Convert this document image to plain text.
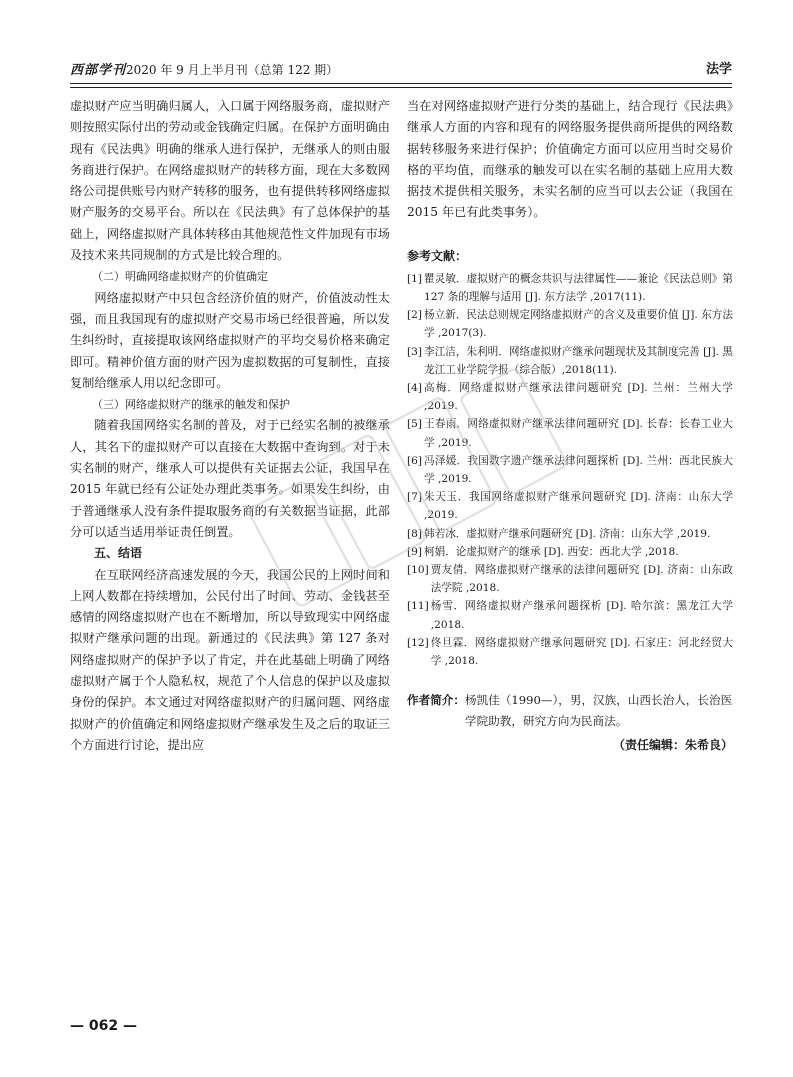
西部学刊2020 年 9 月上半月刊（总第 122 期）	法学

虚拟财产应当明确归属人，入口属于网络服务商，虚拟财产则按照实际付出的劳动或金钱确定归属。在保护方面明确由现有《民法典》明确的继承人进行保护，无继承人的则由服务商进行保护。在网络虚拟财产的转移方面，现在大多数网络公司提供账号内财产转移的服务，也有提供转移网络虚拟财产服务的交易平台。所以在《民法典》有了总体保护的基础上，网络虚拟财产具体转移由其他规范性文件加现有市场及技术来共同规制的方式是比较合理的。

（二）明确网络虚拟财产的价值确定

网络虚拟财产中只包含经济价值的财产，价值波动性太强，而且我国现有的虚拟财产交易市场已经很普遍，所以发生纠纷时，直接提取该网络虚拟财产的平均交易价格来确定即可。精神价值方面的财产因为虚拟数据的可复制性，直接复制给继承人用以纪念即可。

（三）网络虚拟财产的继承的触发和保护

随着我国网络实名制的普及，对于已经实名制的被继承人，其名下的虚拟财产可以直接在大数据中查询到。对于未实名制的财产，继承人可以提供有关证据去公证，我国早在 2015 年就已经有公证处办理此类事务。如果发生纠纷，由于普通继承人没有条件提取服务商的有关数据当证据，此部分可以适当适用举证责任倒置。

五、结语

在互联网经济高速发展的今天，我国公民的上网时间和上网人数都在持续增加，公民付出了时间、劳动、金钱甚至感情的网络虚拟财产也在不断增加，所以导致现实中网络虚拟财产继承问题的出现。新通过的《民法典》第 127 条对网络虚拟财产的保护予以了肯定，并在此基础上明确了网络虚拟财产属于个人隐私权，规范了个人信息的保护以及虚拟身份的保护。本文通过对网络虚拟财产的归属问题、网络虚拟财产的价值确定和网络虚拟财产继承发生及之后的取证三个方面进行讨论，提出应

当在对网络虚拟财产进行分类的基础上，结合现行《民法典》继承人方面的内容和现有的网络服务提供商所提供的网络数据转移服务来进行保护；价值确定方面可以应用当时交易价格的平均值，而继承的触发可以在实名制的基础上应用大数据技术提供相关服务，未实名制的应当可以去公证（我国在 2015 年已有此类事务）。

参考文献：
[1] 瞿灵敏．虚拟财产的概念共识与法律属性——兼论《民法总则》第 127 条的理解与适用 [J]. 东方法学 ,2017(11).
[2] 杨立新．民法总则规定网络虚拟财产的含义及重要价值 [J]. 东方法学 ,2017(3).
[3] 李江洁，朱利明．网络虚拟财产继承问题现状及其制度完善 [J]. 黑龙江工业学院学报（综合版）,2018(11).
[4] 高梅．网络虚拟财产继承法律问题研究 [D]. 兰州：兰州大学 ,2019.
[5] 王春雨．网络虚拟财产继承法律问题研究 [D]. 长春：长春工业大学 ,2019.
[6] 冯泽媛．我国数字遗产继承法律问题探析 [D]. 兰州：西北民族大学 ,2019.
[7] 朱天玉．我国网络虚拟财产继承问题研究 [D]. 济南：山东大学 ,2019.
[8] 韩若冰．虚拟财产继承问题研究 [D]. 济南：山东大学 ,2019.
[9] 柯娟．论虚拟财产的继承 [D]. 西安：西北大学 ,2018.
[10] 贾友倩．网络虚拟财产继承的法律问题研究 [D]. 济南：山东政法学院 ,2018.
[11] 杨雪．网络虚拟财产继承问题探析 [D]. 哈尔滨：黑龙江大学 ,2018.
[12] 佟旦霖．网络虚拟财产继承问题研究 [D]. 石家庄：河北经贸大学 ,2018.
作者简介： 杨凯佳（1990—），男，汉族，山西长治人，长治医学院助教，研究方向为民商法。
（责任编辑：朱希良）
— 062 —
